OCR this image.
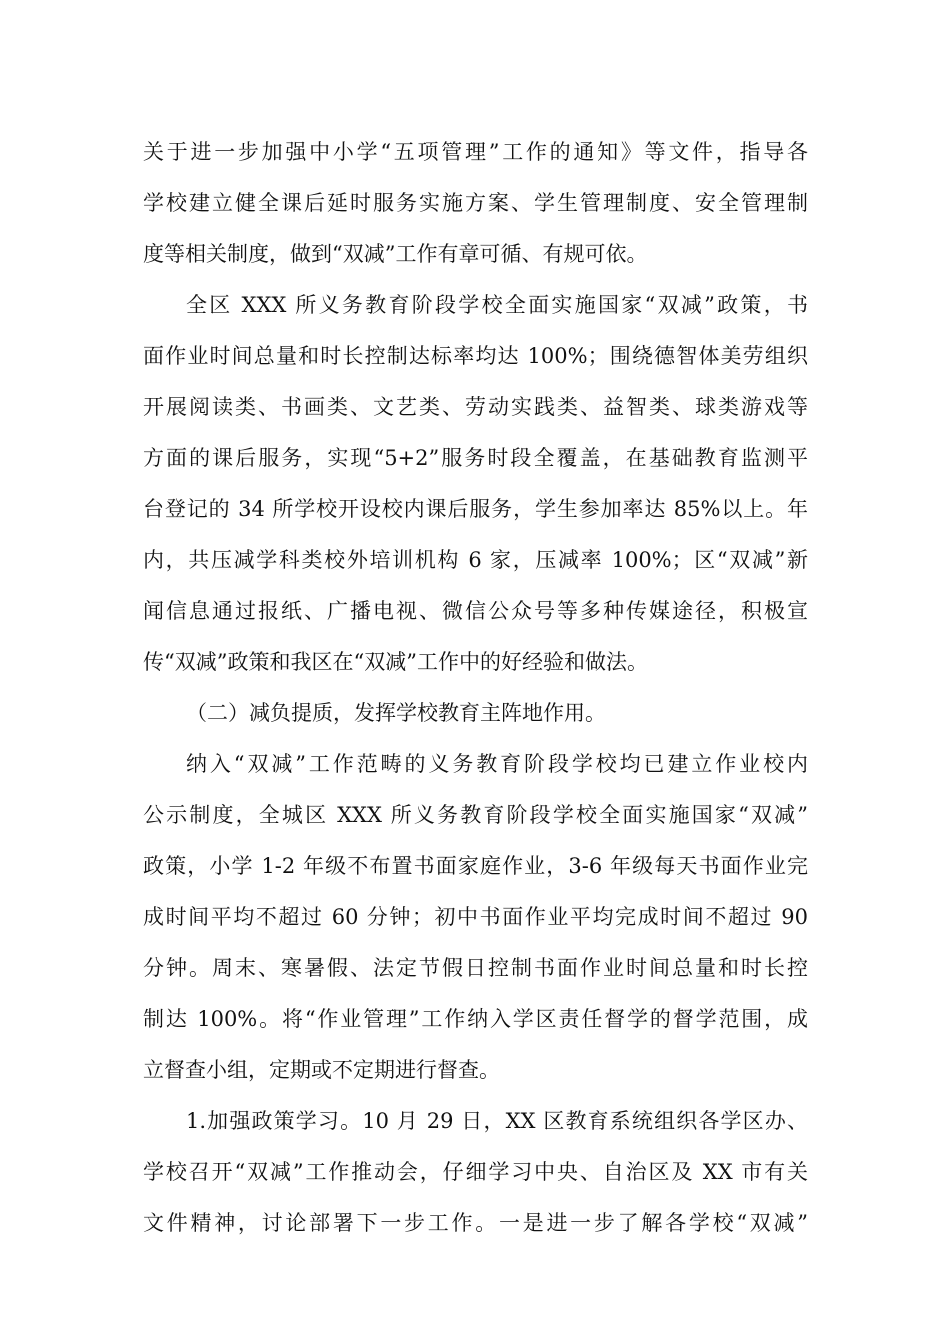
关于进一步加强中小学“五项管理”工作的通知》等文件，指导各
学校建立健全课后延时服务实施方案、学生管理制度、安全管理制
度等相关制度，做到“双减”工作有章可循、有规可依。
全区 XXX 所义务教育阶段学校全面实施国家“双减”政策，书
面作业时间总量和时长控制达标率均达 100%；围绕德智体美劳组织
开展阅读类、书画类、文艺类、劳动实践类、益智类、球类游戏等
方面的课后服务，实现“5+2”服务时段全覆盖，在基础教育监测平
台登记的 34 所学校开设校内课后服务，学生参加率达 85%以上。年
内，共压减学科类校外培训机构 6 家，压减率 100%；区“双减”新
闻信息通过报纸、广播电视、微信公众号等多种传媒途径，积极宣
传“双减”政策和我区在“双减”工作中的好经验和做法。
（二）减负提质，发挥学校教育主阵地作用。
纳入“双减”工作范畴的义务教育阶段学校均已建立作业校内
公示制度，全城区 XXX 所义务教育阶段学校全面实施国家“双减”
政策，小学 1-2 年级不布置书面家庭作业，3-6 年级每天书面作业完
成时间平均不超过 60 分钟；初中书面作业平均完成时间不超过 90
分钟。周末、寒暑假、法定节假日控制书面作业时间总量和时长控
制达 100%。将“作业管理”工作纳入学区责任督学的督学范围，成
立督查小组，定期或不定期进行督查。
1.加强政策学习。10 月 29 日，XX 区教育系统组织各学区办、
学校召开“双减”工作推动会，仔细学习中央、自治区及 XX 市有关
文件精神，讨论部署下一步工作。一是进一步了解各学校“双减”
